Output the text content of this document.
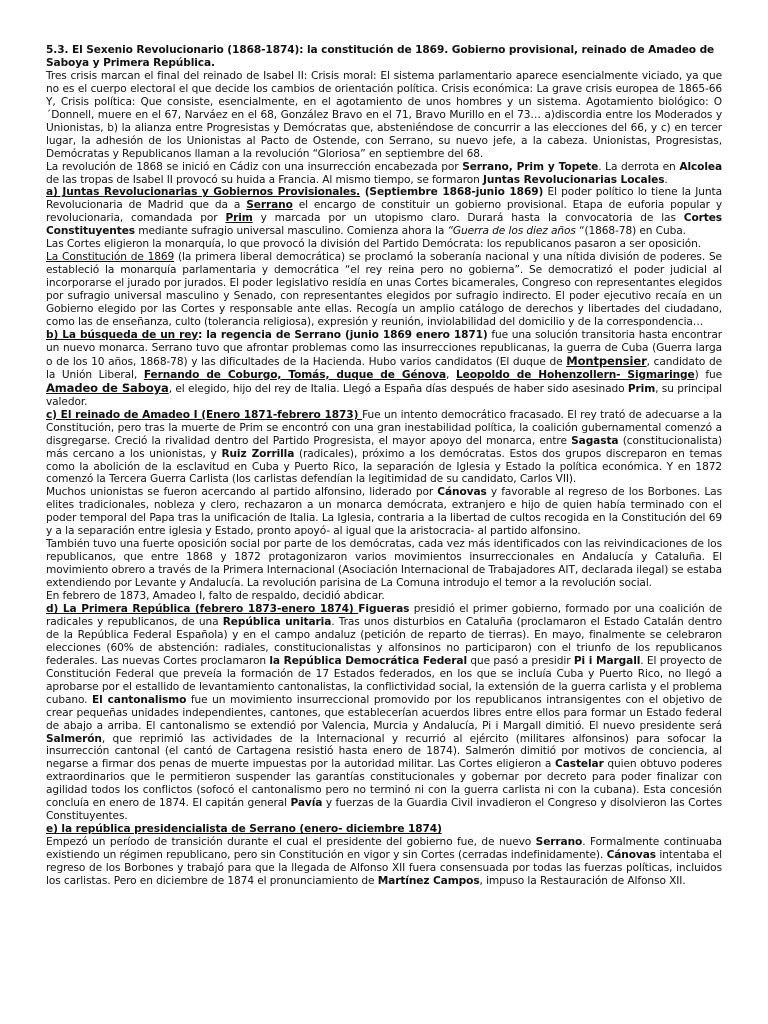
5.3. El Sexenio Revolucionario (1868-1874): la constitución de 1869. Gobierno provisional, reinado de Amadeo de Saboya y Primera República.

Tres crisis marcan el final del reinado de Isabel II: Crisis moral: El sistema parlamentario aparece esencialmente viciado, ya que no es el cuerpo electoral el que decide los cambios de orientación política. Crisis económica: La grave crisis europea de 1865-66 Y, Crisis política: Que consiste, esencialmente, en el agotamiento de unos hombres y un sistema. Agotamiento biológico: O ´Donnell, muere en el 67, Narváez en el 68, González Bravo en el 71, Bravo Murillo en el 73… a)discordia entre los Moderados y Unionistas, b) la alianza entre Progresistas y Demócratas que, absteniéndose de concurrir a las elecciones del 66, y c) en tercer lugar, la adhesión de los Unionistas al Pacto de Ostende, con Serrano, su nuevo jefe, a la cabeza. Unionistas, Progresistas, Demócratas y Republicanos llaman a la revolución “Gloriosa” en septiembre del 68.

La revolución de 1868 se inició en Cádiz con una insurrección encabezada por Serrano, Prim y Topete. La derrota en Alcolea de las tropas de Isabel II provocó su huida a Francia. Al mismo tiempo, se formaron Juntas Revolucionarias Locales.

a) Juntas Revolucionarias y Gobiernos Provisionales. (Septiembre 1868-junio 1869) El poder político lo tiene la Junta Revolucionaria de Madrid que da a Serrano el encargo de constituir un gobierno provisional. Etapa de euforia popular y revolucionaria, comandada por Prim y marcada por un utopismo claro. Durará hasta la convocatoria de las Cortes Constituyentes mediante sufragio universal masculino. Comienza ahora la “Guerra de los diez años “(1868-78) en Cuba.

Las Cortes eligieron la monarquía, lo que provocó la división del Partido Demócrata: los republicanos pasaron a ser oposición.

La Constitución de 1869 (la primera liberal democrática) se proclamó la soberanía nacional y una nítida división de poderes. Se estableció la monarquía parlamentaria y democrática “el rey reina pero no gobierna”. Se democratizó el poder judicial al incorporarse el jurado por jurados. El poder legislativo residía en unas Cortes bicamerales, Congreso con representantes elegidos por sufragio universal masculino y Senado, con representantes elegidos por sufragio indirecto. El poder ejecutivo recaía en un Gobierno elegido por las Cortes y responsable ante ellas. Recogía un amplio catálogo de derechos y libertades del ciudadano, como las de enseñanza, culto (tolerancia religiosa), expresión y reunión, inviolabilidad del domicilio y de la correspondencia…

b) La búsqueda de un rey: la regencia de Serrano (junio 1869 enero 1871) fue una solución transitoria hasta encontrar un nuevo monarca. Serrano tuvo que afrontar problemas como las insurrecciones republicanas, la guerra de Cuba (Guerra larga o de los 10 años, 1868-78) y las dificultades de la Hacienda. Hubo varios candidatos (El duque de Montpensier, candidato de la Unión Liberal, Fernando de Coburgo, Tomás, duque de Génova, Leopoldo de Hohenzollern- Sigmaringe) fue Amadeo de Saboya, el elegido, hijo del rey de Italia. Llegó a España días después de haber sido asesinado Prim, su principal valedor.

c) El reinado de Amadeo I (Enero 1871-febrero 1873) Fue un intento democrático fracasado. El rey trató de adecuarse a la Constitución, pero tras la muerte de Prim se encontró con una gran inestabilidad política, la coalición gubernamental comenzó a disgregarse. Creció la rivalidad dentro del Partido Progresista, el mayor apoyo del monarca, entre Sagasta (constitucionalista) más cercano a los unionistas, y Ruiz Zorrilla (radicales), próximo a los demócratas. Estos dos grupos discreparon en temas como la abolición de la esclavitud en Cuba y Puerto Rico, la separación de Iglesia y Estado la política económica. Y en 1872 comenzó la Tercera Guerra Carlista (los carlistas defendían la legitimidad de su candidato, Carlos VII).

Muchos unionistas se fueron acercando al partido alfonsino, liderado por Cánovas y favorable al regreso de los Borbones. Las elites tradicionales, nobleza y clero, rechazaron a un monarca demócrata, extranjero e hijo de quien había terminado con el poder temporal del Papa tras la unificación de Italia. La Iglesia, contraria a la libertad de cultos recogida en la Constitución del 69 y a la separación entre iglesia y Estado, pronto apoyó- al igual que la aristocracia- al partido alfonsino.

También tuvo una fuerte oposición social por parte de los demócratas, cada vez más identificados con las reivindicaciones de los republicanos, que entre 1868 y 1872 protagonizaron varios movimientos insurreccionales en Andalucía y Cataluña. El movimiento obrero a través de la Primera Internacional (Asociación Internacional de Trabajadores AIT, declarada ilegal) se estaba extendiendo por Levante y Andalucía. La revolución parisina de La Comuna introdujo el temor a la revolución social.

En febrero de 1873, Amadeo I, falto de respaldo, decidió abdicar.

d) La Primera República (febrero 1873-enero 1874) Figueras presidió el primer gobierno, formado por una coalición de radicales y republicanos, de una República unitaria. Tras unos disturbios en Cataluña (proclamaron el Estado Catalán dentro de la República Federal Española) y en el campo andaluz (petición de reparto de tierras). En mayo, finalmente se celebraron elecciones (60% de abstención: radiales, constitucionalistas y alfonsinos no participaron) con el triunfo de los republicanos federales. Las nuevas Cortes proclamaron la República Democrática Federal que pasó a presidir Pi i Margall. El proyecto de Constitución Federal que preveía la formación de 17 Estados federados, en los que se incluía Cuba y Puerto Rico, no llegó a aprobarse por el estallido de levantamiento cantonalistas, la conflictividad social, la extensión de la guerra carlista y el problema cubano. El cantonalismo fue un movimiento insurreccional promovido por los republicanos intransigentes con el objetivo de crear pequeñas unidades independientes, cantones, que establecerían acuerdos libres entre ellos para formar un Estado federal de abajo a arriba. El cantonalismo se extendió por Valencia, Murcia y Andalucía, Pi i Margall dimitió. El nuevo presidente será Salmerón, que reprimió las actividades de la Internacional y recurrió al ejército (militares alfonsinos) para sofocar la insurrección cantonal (el cantó de Cartagena resistió hasta enero de 1874). Salmerón dimitió por motivos de conciencia, al negarse a firmar dos penas de muerte impuestas por la autoridad militar. Las Cortes eligieron a Castelar quien obtuvo poderes extraordinarios que le permitieron suspender las garantías constitucionales y gobernar por decreto para poder finalizar con agilidad todos los conflictos (sofocó el cantonalismo pero no terminó ni con la guerra carlista ni con la cubana). Esta concesión concluía en enero de 1874. El capitán general Pavía y fuerzas de la Guardia Civil invadieron el Congreso y disolvieron las Cortes Constituyentes.

e) la república presidencialista de Serrano (enero- diciembre 1874)

Empezó un período de transición durante el cual el presidente del gobierno fue, de nuevo Serrano. Formalmente continuaba existiendo un régimen republicano, pero sin Constitución en vigor y sin Cortes (cerradas indefinidamente). Cánovas intentaba el regreso de los Borbones y trabajó para que la llegada de Alfonso XII fuera consensuada por todas las fuerzas políticas, incluidos los carlistas. Pero en diciembre de 1874 el pronunciamiento de Martínez Campos, impuso la Restauración de Alfonso XII.
